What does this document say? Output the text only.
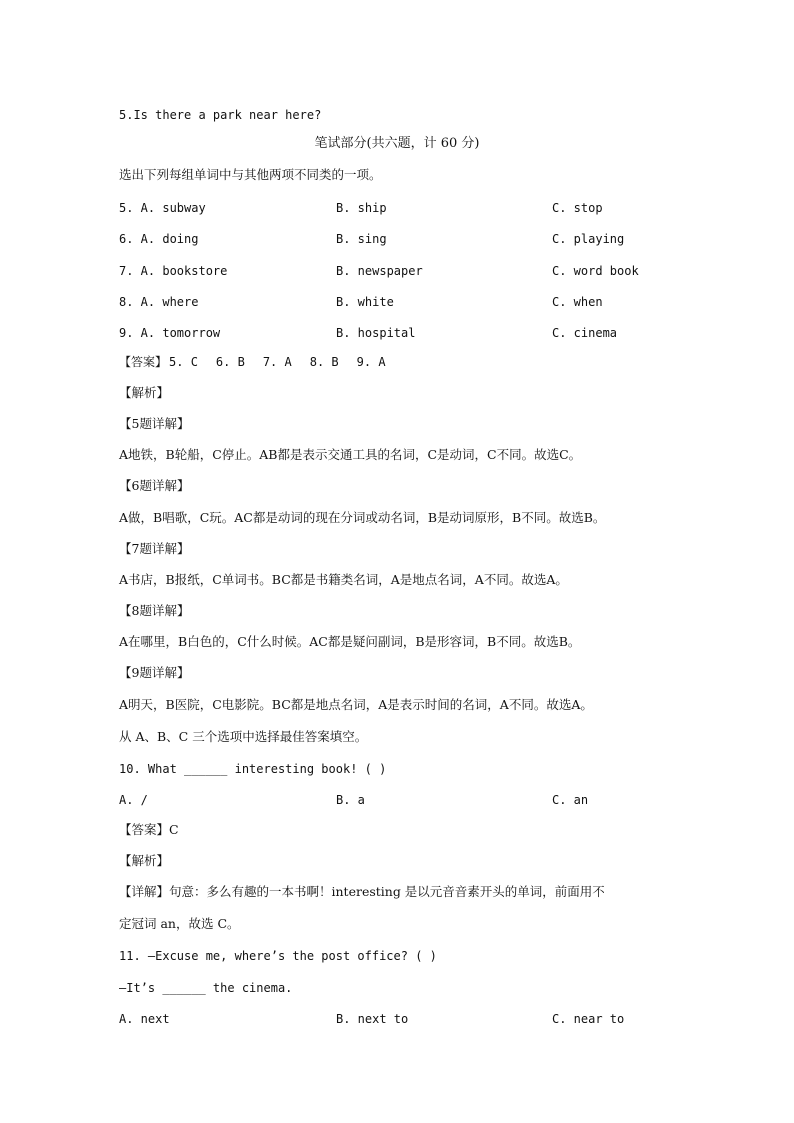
5.Is there a park near here?
笔试部分(共六题，计 60 分)
选出下列每组单词中与其他两项不同类的一项。
5. A. subway	B. ship	C. stop
6. A. doing	B. sing	C. playing
7. A. bookstore	B. newspaper	C. word book
8. A. where	B. white	C. when
9. A. tomorrow	B. hospital	C. cinema
【答案】 5. C 6. B 7. A 8. B 9. A
【解析】
【5题详解】
A地铁，B轮船，C停止。AB都是表示交通工具的名词，C是动词，C不同。故选C。
【6题详解】
A做，B唱歌，C玩。AC都是动词的现在分词或动名词，B是动词原形，B不同。故选B。
【7题详解】
A书店，B报纸，C单词书。BC都是书籍类名词，A是地点名词，A不同。故选A。
【8题详解】
A在哪里，B白色的，C什么时候。AC都是疑问副词，B是形容词，B不同。故选B。
【9题详解】
A明天，B医院，C电影院。BC都是地点名词，A是表示时间的名词，A不同。故选A。
从 A、B、C 三个选项中选择最佳答案填空。
10. What ______ interesting book! ( )
A. /	B. a	C. an
【答案】C
【解析】
【详解】句意：多么有趣的一本书啊！interesting 是以元音音素开头的单词，前面用不
定冠词 an，故选 C。
11. —Excuse me, where’s the post office? ( )
—It’s ______ the cinema.
A. next	B. next to	C. near to
